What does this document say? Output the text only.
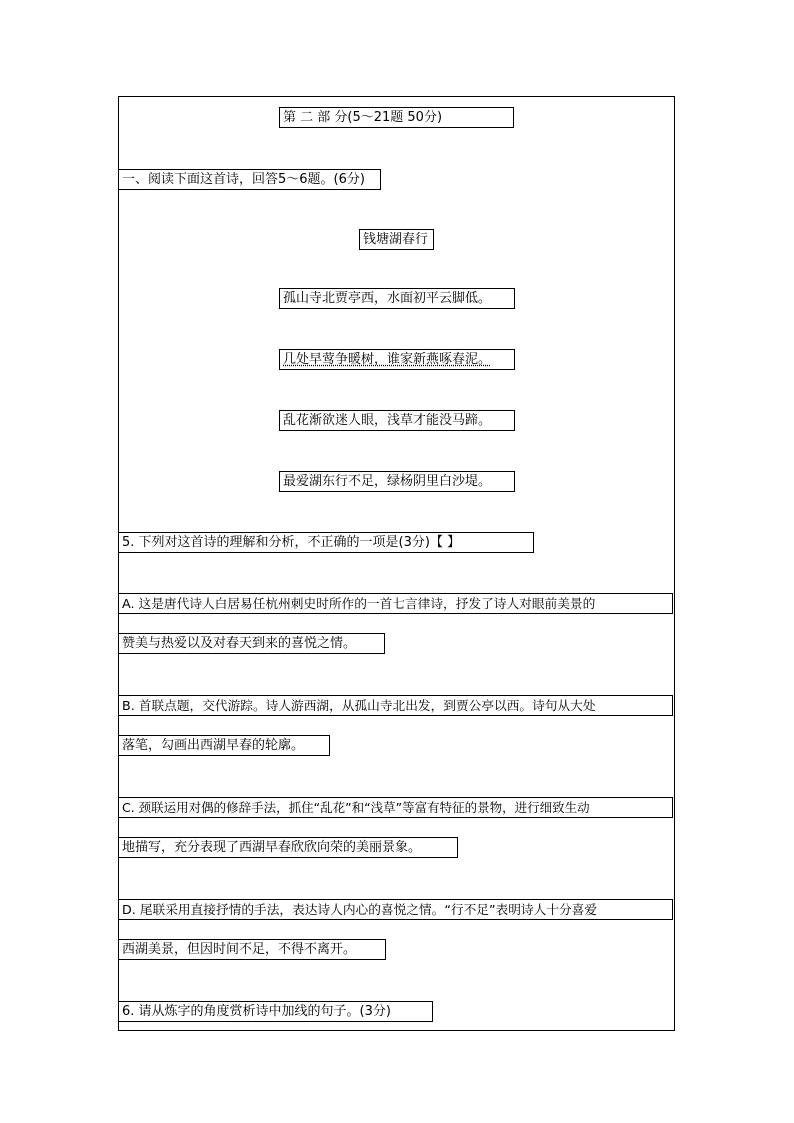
第 二 部 分(5～21题 50分)
一、阅读下面这首诗，回答5～6题。(6分)
钱塘湖春行
孤山寺北贾亭西，水面初平云脚低。
几处早莺争暖树，谁家新燕啄春泥。
乱花渐欲迷人眼，浅草才能没马蹄。
最爱湖东行不足，绿杨阴里白沙堤。
5. 下列对这首诗的理解和分析，不正确的一项是(3分)【 】
A. 这是唐代诗人白居易任杭州刺史时所作的一首七言律诗，抒发了诗人对眼前美景的
赞美与热爱以及对春天到来的喜悦之情。
B. 首联点题，交代游踪。诗人游西湖，从孤山寺北出发，到贾公亭以西。诗句从大处
落笔，勾画出西湖早春的轮廓。
C. 颈联运用对偶的修辞手法，抓住“乱花”和“浅草”等富有特征的景物，进行细致生动
地描写，充分表现了西湖早春欣欣向荣的美丽景象。
D. 尾联采用直接抒情的手法，表达诗人内心的喜悦之情。“行不足”表明诗人十分喜爱
西湖美景，但因时间不足，不得不离开。
6. 请从炼字的角度赏析诗中加线的句子。(3分)
